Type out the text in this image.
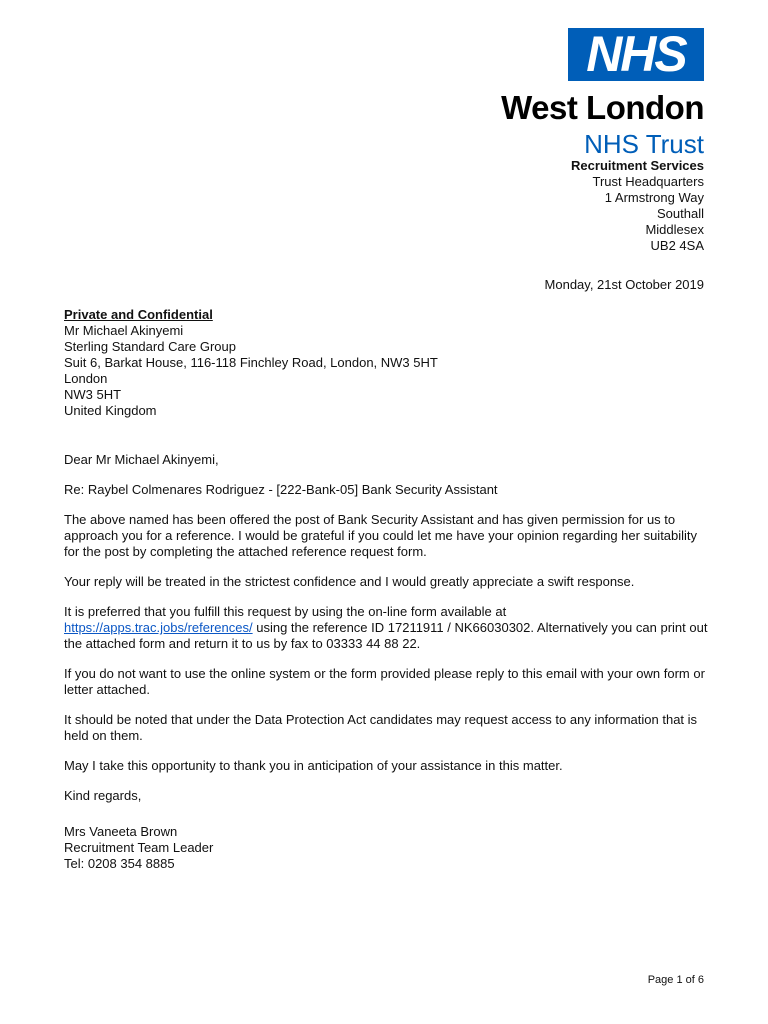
NHS
West London
NHS Trust
Recruitment Services
Trust Headquarters
1 Armstrong Way
Southall
Middlesex
UB2 4SA
Monday, 21st October 2019
Private and Confidential
Mr Michael Akinyemi
Sterling Standard Care Group
Suit 6, Barkat House, 116-118 Finchley Road, London, NW3 5HT
London
NW3 5HT
United Kingdom

Dear Mr Michael Akinyemi,

Re: Raybel Colmenares Rodriguez - [222-Bank-05] Bank Security Assistant

The above named has been offered the post of Bank Security Assistant and has given permission for us to approach you for a reference. I would be grateful if you could let me have your opinion regarding her suitability for the post by completing the attached reference request form.

Your reply will be treated in the strictest confidence and I would greatly appreciate a swift response.

It is preferred that you fulfill this request by using the on-line form available at
https://apps.trac.jobs/references/ using the reference ID 17211911 / NK66030302. Alternatively you can print out the attached form and return it to us by fax to 03333 44 88 22.

If you do not want to use the online system or the form provided please reply to this email with your own form or letter attached.

It should be noted that under the Data Protection Act candidates may request access to any information that is held on them.

May I take this opportunity to thank you in anticipation of your assistance in this matter.

Kind regards,

Mrs Vaneeta Brown
Recruitment Team Leader
Tel: 0208 354 8885
Page 1 of 6
